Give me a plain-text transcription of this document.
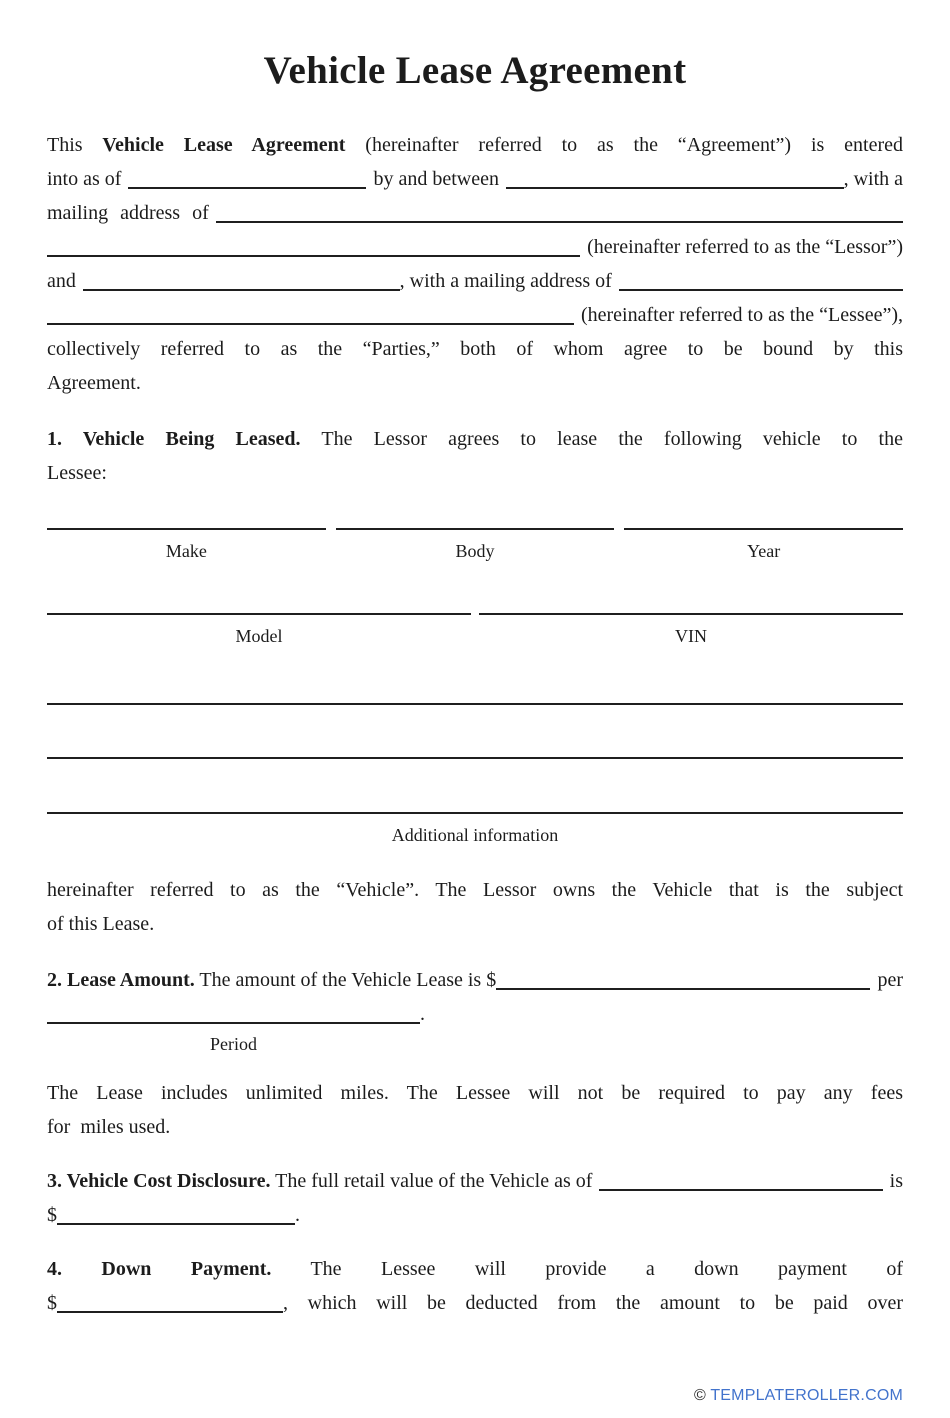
Vehicle Lease Agreement
This Vehicle Lease Agreement (hereinafter referred to as the “Agreement”) is entered
into as of	by and between	, with a
mailing address of
(hereinafter referred to as the “Lessor”)
and	, with a mailing address of
(hereinafter referred to as the “Lessee”),
collectively referred to as the “Parties,” both of whom agree to be bound by this
Agreement.
1. Vehicle Being Leased. The Lessor agrees to lease the following vehicle to the
Lessee:
Make	Body	Year
Model	VIN
Additional information
hereinafter referred to as the “Vehicle”. The Lessor owns the Vehicle that is the subject
of this Lease.
2. Lease Amount. The amount of the Vehicle Lease is $	per
.
Period
The Lease includes unlimited miles. The Lessee will not be required to pay any fees
for  miles used.
3. Vehicle Cost Disclosure. The full retail value of the Vehicle as of	is
$	.
4. Down Payment. The Lessee will provide a down payment of
$	, which will be deducted from the amount to be paid over
© TEMPLATEROLLER.COM
